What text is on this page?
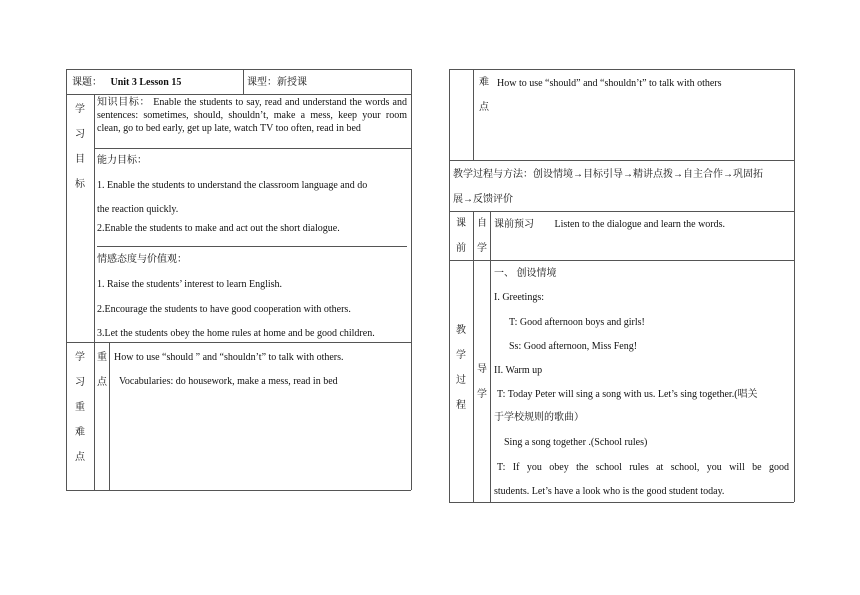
课题： Unit 3 Lesson 15	课型：新授课
学习目标
知识目标： Enable the students to say, read and understand the words and sentences: sometimes, should, shouldn’t, make a mess, keep your room clean, go to bed early, get up late, watch TV too often, read in bed
能力目标：
1. Enable the students to understand the classroom language and do
the reaction quickly.
2.Enable the students to make and act out the short dialogue.
情感态度与价值观：
1. Raise the students’ interest to learn English.
2.Encourage the students to have good cooperation with others.
3.Let the students obey the home rules at home and be good children.
学习重难点
重点
How to use “should ” and “shouldn’t” to talk with others.
Vocabularies: do housework, make a mess, read in bed
难点
How to use “should” and “shouldn’t” to talk with others
教学过程与方法：创设情境→目标引导→精讲点拨→自主合作→巩固拓
展→反馈评价
课前
自学
课前预习 Listen to the dialogue and learn the words.
教学过程
导学
一、 创设情境
I. Greetings:
T: Good afternoon boys and girls!
Ss: Good afternoon, Miss Feng!
II. Warm up
T: Today Peter will sing a song with us. Let’s sing together.(唱关
于学校规则的歌曲）
Sing a song together .(School rules)
T: If you obey the school rules at school, you will be good
students. Let’s have a look who is the good student today.
